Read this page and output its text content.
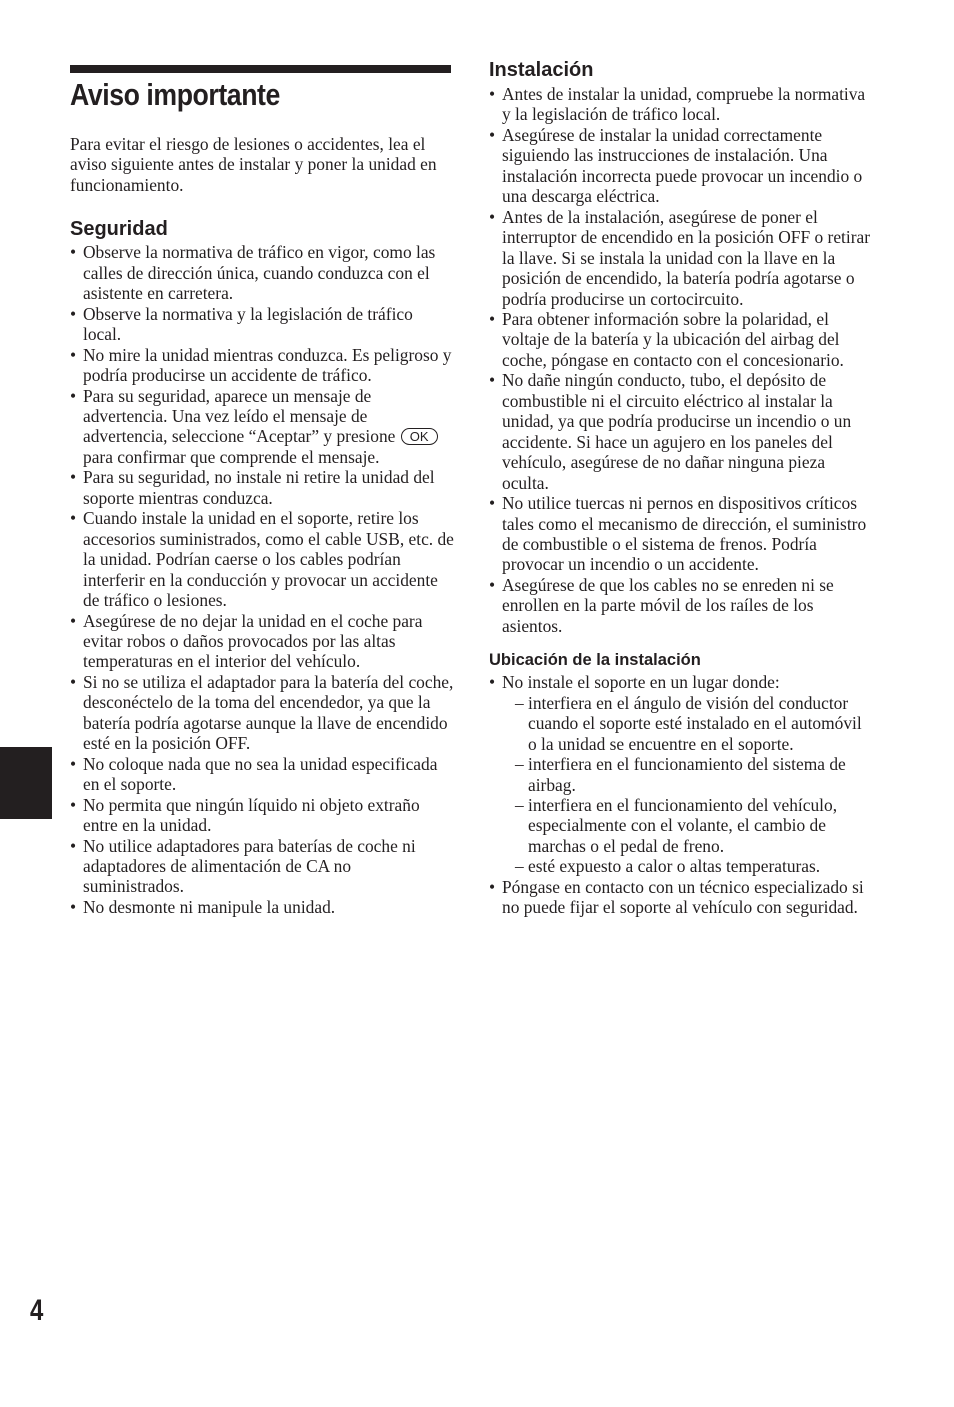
Aviso importante

Para evitar el riesgo de lesiones o accidentes, lea el aviso siguiente antes de instalar y poner la unidad en funcionamiento.

Seguridad
• Observe la normativa de tráfico en vigor, como las calles de dirección única, cuando conduzca con el asistente en carretera.
• Observe la normativa y la legislación de tráfico local.
• No mire la unidad mientras conduzca. Es peligroso y podría producirse un accidente de tráfico.
• Para su seguridad, aparece un mensaje de advertencia. Una vez leído el mensaje de advertencia, seleccione “Aceptar” y presione OKpara confirmar que comprende el mensaje.
• Para su seguridad, no instale ni retire la unidad del soporte mientras conduzca.
• Cuando instale la unidad en el soporte, retire los accesorios suministrados, como el cable USB, etc. de la unidad. Podrían caerse o los cables podrían interferir en la conducción y provocar un accidente de tráfico o lesiones.
• Asegúrese de no dejar la unidad en el coche para evitar robos o daños provocados por las altas temperaturas en el interior del vehículo.
• Si no se utiliza el adaptador para la batería del coche, desconéctelo de la toma del encendedor, ya que la batería podría agotarse aunque la llave de encendido esté en la posición OFF.
• No coloque nada que no sea la unidad especificada en el soporte.
• No permita que ningún líquido ni objeto extraño entre en la unidad.
• No utilice adaptadores para baterías de coche ni adaptadores de alimentación de CA no suministrados.
• No desmonte ni manipule la unidad.
Instalación
• Antes de instalar la unidad, compruebe la normativa y la legislación de tráfico local.
• Asegúrese de instalar la unidad correctamente siguiendo las instrucciones de instalación. Una instalación incorrecta puede provocar un incendio o una descarga eléctrica.
• Antes de la instalación, asegúrese de poner el interruptor de encendido en la posición OFF o retirar la llave. Si se instala la unidad con la llave en la posición de encendido, la batería podría agotarse o podría producirse un cortocircuito.
• Para obtener información sobre la polaridad, el voltaje de la batería y la ubicación del airbag del coche, póngase en contacto con el concesionario.
• No dañe ningún conducto, tubo, el depósito de combustible ni el circuito eléctrico al instalar la unidad, ya que podría producirse un incendio o un accidente. Si hace un agujero en los paneles del vehículo, asegúrese de no dañar ninguna pieza oculta.
• No utilice tuercas ni pernos en dispositivos críticos tales como el mecanismo de dirección, el suministro de combustible o el sistema de frenos. Podría provocar un incendio o un accidente.
• Asegúrese de que los cables no se enreden ni se enrollen en la parte móvil de los raíles de los asientos.
Ubicación de la instalación
• No instale el soporte en un lugar donde:
– interfiera en el ángulo de visión del conductor cuando el soporte esté instalado en el automóvil o la unidad se encuentre en el soporte.
– interfiera en el funcionamiento del sistema de airbag.
– interfiera en el funcionamiento del vehículo, especialmente con el volante, el cambio de marchas o el pedal de freno.
– esté expuesto a calor o altas temperaturas.
• Póngase en contacto con un técnico especializado si no puede fijar el soporte al vehículo con seguridad.
4
